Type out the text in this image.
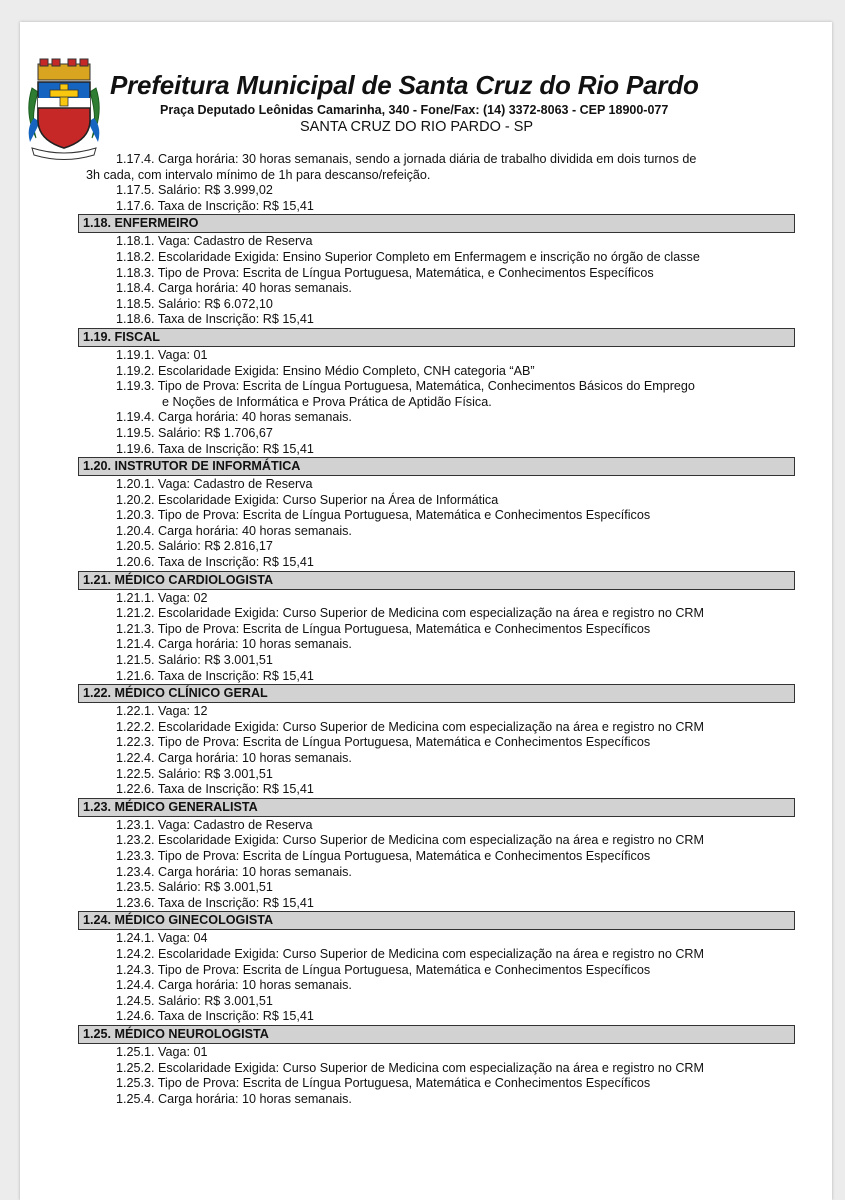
Prefeitura Municipal de Santa Cruz do Rio Pardo
Praça Deputado Leônidas Camarinha, 340 - Fone/Fax: (14) 3372-8063 - CEP 18900-077
SANTA CRUZ DO RIO PARDO - SP
1.17.4. Carga horária: 30 horas semanais, sendo a jornada diária de trabalho dividida em dois turnos de
3h cada, com intervalo mínimo de 1h para descanso/refeição.
1.17.5. Salário: R$ 3.999,02
1.17.6. Taxa de Inscrição: R$ 15,41
1.18. ENFERMEIRO
1.18.1. Vaga: Cadastro de Reserva
1.18.2. Escolaridade Exigida: Ensino Superior Completo em Enfermagem e inscrição no órgão de classe
1.18.3. Tipo de Prova: Escrita de Língua Portuguesa, Matemática, e Conhecimentos Específicos
1.18.4. Carga horária: 40 horas semanais.
1.18.5. Salário: R$ 6.072,10
1.18.6. Taxa de Inscrição: R$ 15,41
1.19. FISCAL
1.19.1. Vaga: 01
1.19.2. Escolaridade Exigida: Ensino Médio Completo, CNH categoria “AB”
1.19.3. Tipo de Prova: Escrita de Língua Portuguesa, Matemática, Conhecimentos Básicos do Emprego
e Noções de Informática e Prova Prática de Aptidão Física.
1.19.4. Carga horária: 40 horas semanais.
1.19.5. Salário: R$ 1.706,67
1.19.6. Taxa de Inscrição: R$ 15,41
1.20. INSTRUTOR DE INFORMÁTICA
1.20.1. Vaga: Cadastro de Reserva
1.20.2. Escolaridade Exigida: Curso Superior na Área de Informática
1.20.3. Tipo de Prova: Escrita de Língua Portuguesa, Matemática e Conhecimentos Específicos
1.20.4. Carga horária: 40 horas semanais.
1.20.5. Salário: R$ 2.816,17
1.20.6. Taxa de Inscrição: R$ 15,41
1.21. MÉDICO CARDIOLOGISTA
1.21.1. Vaga: 02
1.21.2. Escolaridade Exigida: Curso Superior de Medicina com especialização na área e registro no CRM
1.21.3. Tipo de Prova: Escrita de Língua Portuguesa, Matemática e Conhecimentos Específicos
1.21.4. Carga horária: 10 horas semanais.
1.21.5. Salário: R$ 3.001,51
1.21.6. Taxa de Inscrição: R$ 15,41
1.22. MÉDICO CLÍNICO GERAL
1.22.1. Vaga: 12
1.22.2. Escolaridade Exigida: Curso Superior de Medicina com especialização na área e registro no CRM
1.22.3. Tipo de Prova: Escrita de Língua Portuguesa, Matemática e Conhecimentos Específicos
1.22.4. Carga horária: 10 horas semanais.
1.22.5. Salário: R$ 3.001,51
1.22.6. Taxa de Inscrição: R$ 15,41
1.23. MÉDICO GENERALISTA
1.23.1. Vaga: Cadastro de Reserva
1.23.2. Escolaridade Exigida: Curso Superior de Medicina com especialização na área e registro no CRM
1.23.3. Tipo de Prova: Escrita de Língua Portuguesa, Matemática e Conhecimentos Específicos
1.23.4. Carga horária: 10 horas semanais.
1.23.5. Salário: R$ 3.001,51
1.23.6. Taxa de Inscrição: R$ 15,41
1.24. MÉDICO GINECOLOGISTA
1.24.1. Vaga: 04
1.24.2. Escolaridade Exigida: Curso Superior de Medicina com especialização na área e registro no CRM
1.24.3. Tipo de Prova: Escrita de Língua Portuguesa, Matemática e Conhecimentos Específicos
1.24.4. Carga horária: 10 horas semanais.
1.24.5. Salário: R$ 3.001,51
1.24.6. Taxa de Inscrição: R$ 15,41
1.25. MÉDICO NEUROLOGISTA
1.25.1. Vaga: 01
1.25.2. Escolaridade Exigida: Curso Superior de Medicina com especialização na área e registro no CRM
1.25.3. Tipo de Prova: Escrita de Língua Portuguesa, Matemática e Conhecimentos Específicos
1.25.4. Carga horária: 10 horas semanais.
